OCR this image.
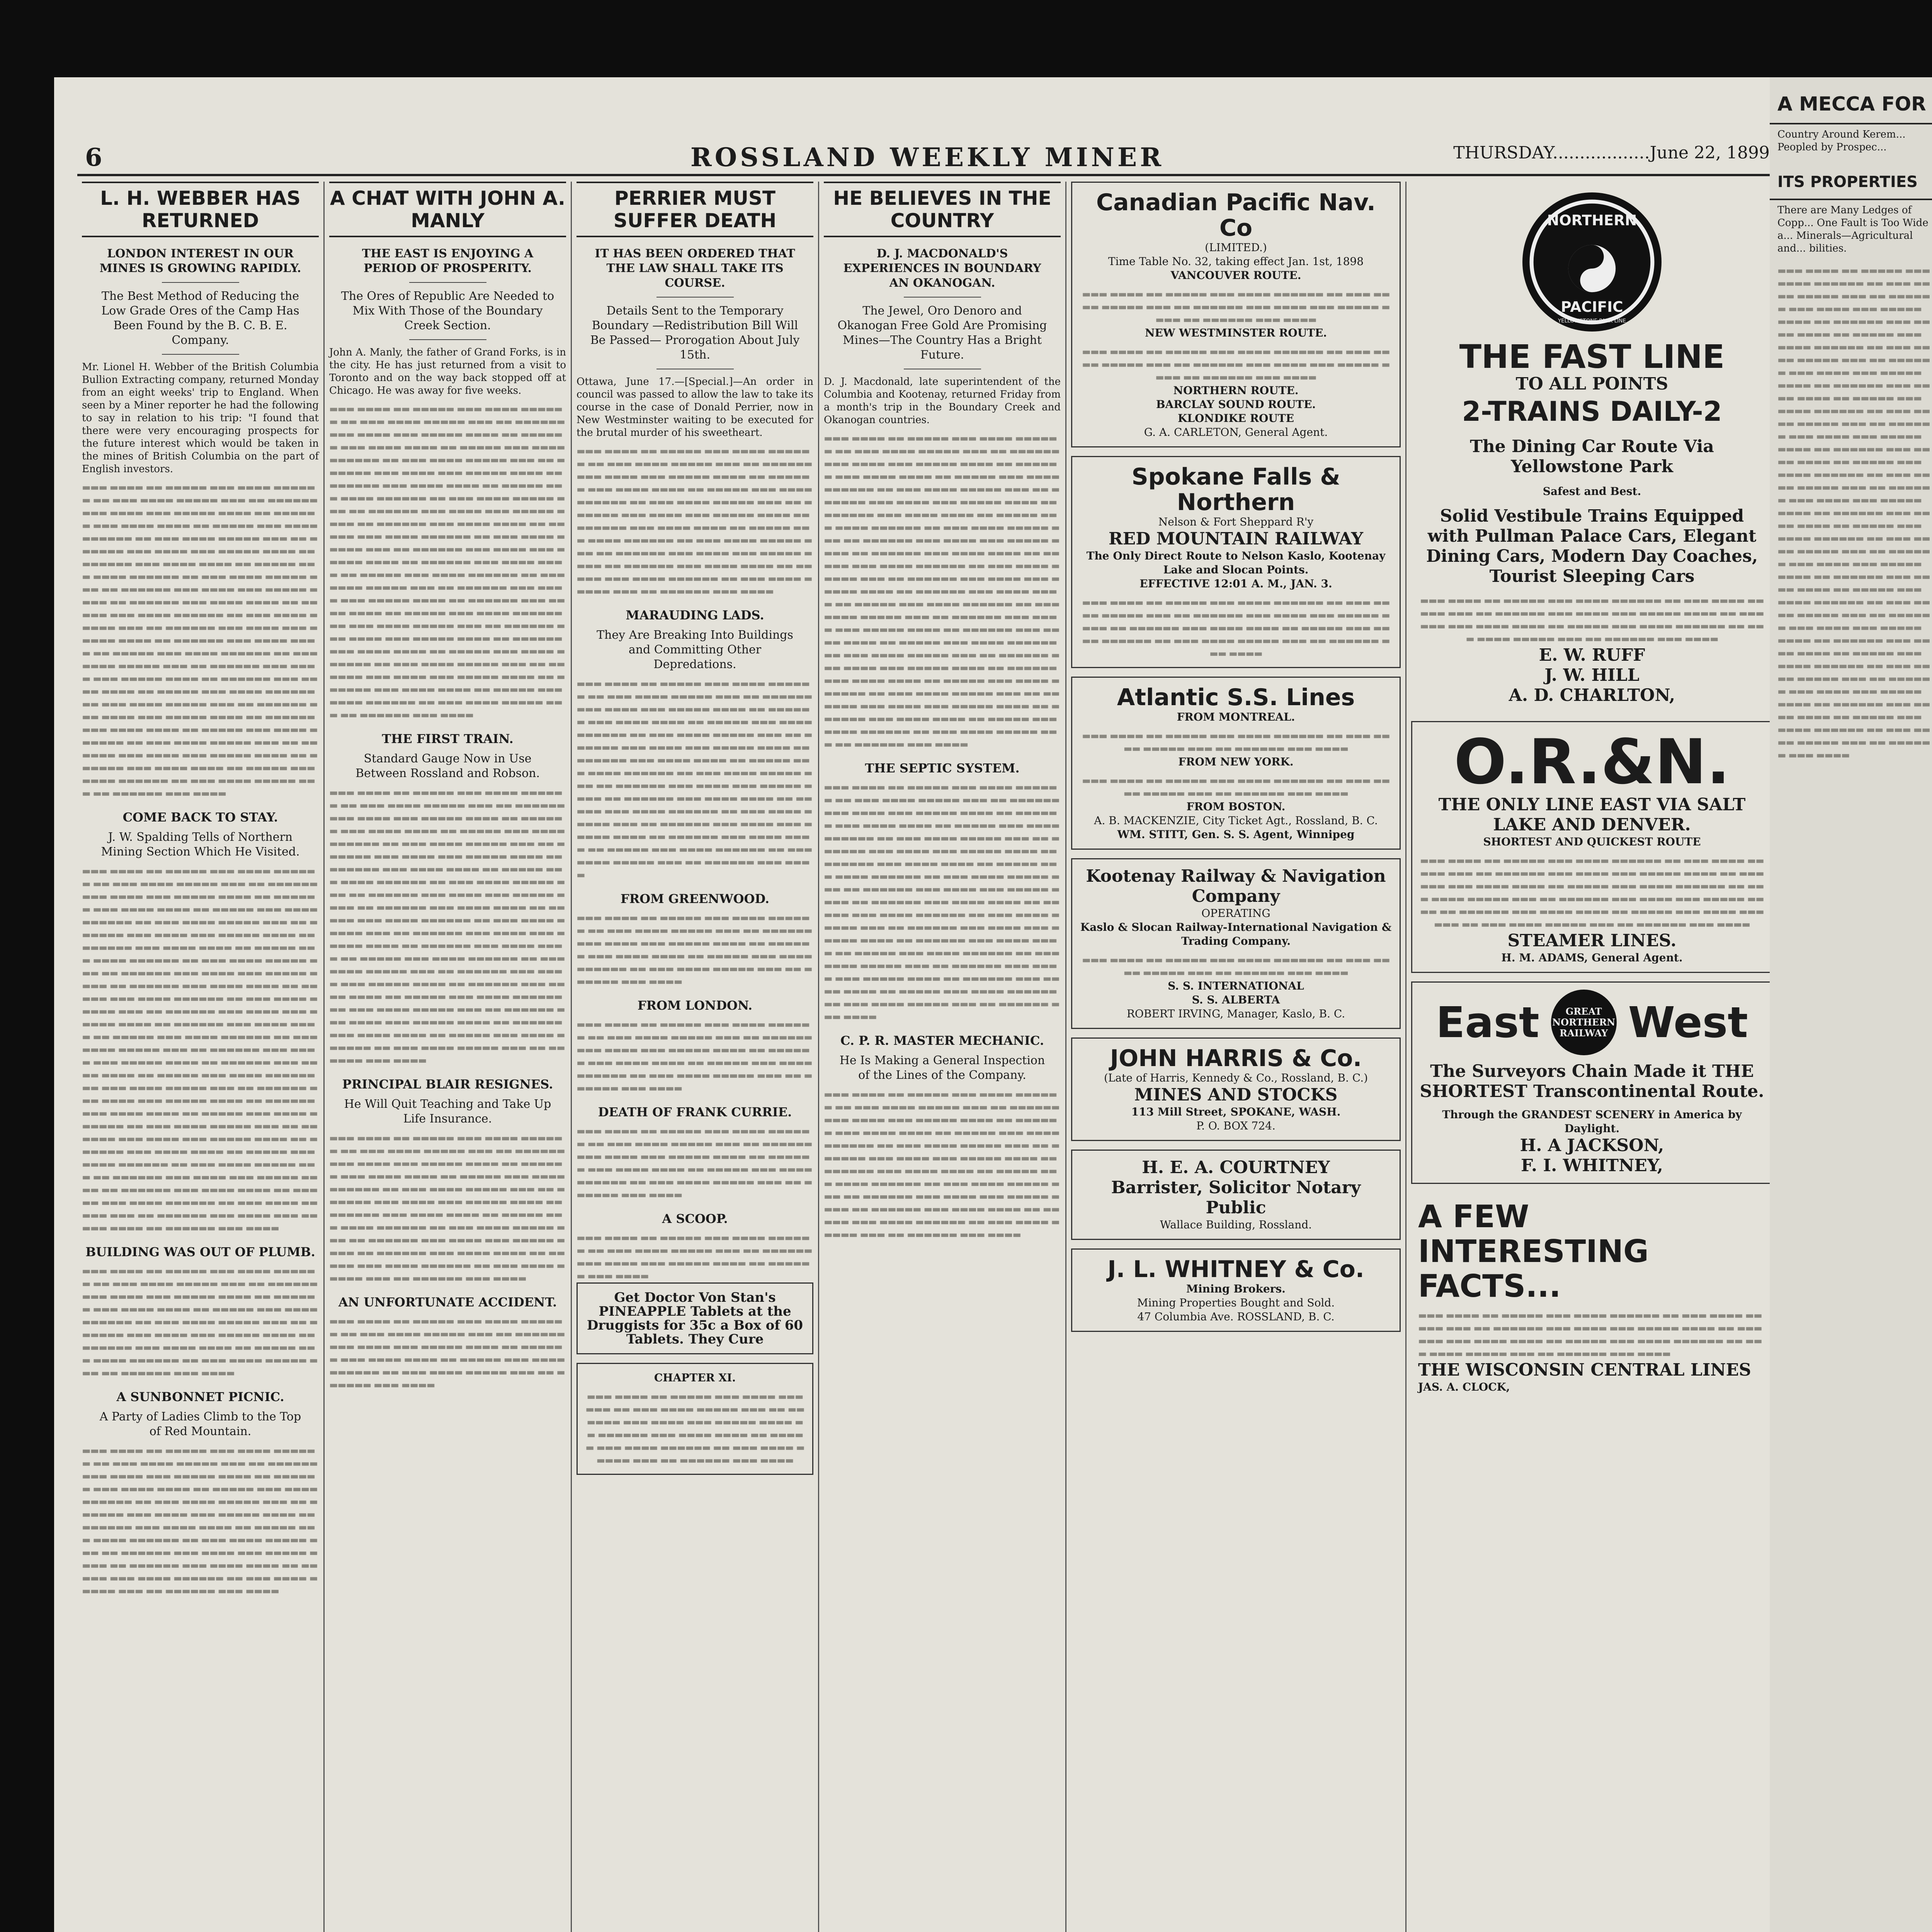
6	ROSSLAND WEEKLY MINER	THURSDAY..................June 22, 1899
L. H. WEBBER HAS RETURNED
LONDON INTEREST IN OUR MINES IS GROWING RAPIDLY.
The Best Method of Reducing the Low Grade Ores of the Camp Has Been Found by the B. C. B. E. Company.

Mr. Lionel H. Webber of the British Columbia Bullion Extracting company, returned Monday from an eight weeks' trip to England. When seen by a Miner reporter he had the following to say in relation to his trip: "I found that there were very encouraging prospects for the future interest which would be taken in the mines of British Columbia on the part of English investors.

▬▬▬ ▬▬▬▬ ▬▬ ▬▬▬▬▬ ▬▬▬ ▬▬▬▬ ▬▬▬▬▬▬ ▬▬ ▬▬▬ ▬▬▬▬ ▬▬▬▬▬ ▬▬▬ ▬▬ ▬▬▬▬▬▬ ▬▬▬ ▬▬▬▬ ▬▬▬ ▬▬▬▬▬ ▬▬▬▬ ▬▬ ▬▬▬▬▬▬ ▬▬▬ ▬▬▬▬ ▬▬▬▬ ▬▬ ▬▬▬▬▬ ▬▬▬ ▬▬▬▬ ▬▬▬▬▬▬ ▬▬ ▬▬▬ ▬▬▬▬ ▬▬▬▬▬ ▬▬▬ ▬▬ ▬▬▬▬▬▬ ▬▬▬ ▬▬▬▬ ▬▬▬ ▬▬▬▬▬ ▬▬▬▬ ▬▬ ▬▬▬▬▬▬ ▬▬▬ ▬▬▬▬ ▬▬▬▬ ▬▬ ▬▬▬▬▬ ▬▬▬ ▬▬▬▬ ▬▬▬▬▬▬ ▬▬ ▬▬▬ ▬▬▬▬ ▬▬▬▬▬ ▬▬▬ ▬▬ ▬▬▬▬▬▬ ▬▬▬ ▬▬▬▬ ▬▬▬ ▬▬▬▬▬ ▬▬▬▬ ▬▬ ▬▬▬▬▬▬ ▬▬▬ ▬▬▬▬ ▬▬▬▬ ▬▬ ▬▬▬▬▬ ▬▬▬ ▬▬▬▬ ▬▬▬▬▬▬ ▬▬ ▬▬▬ ▬▬▬▬ ▬▬▬▬▬ ▬▬▬ ▬▬ ▬▬▬▬▬▬ ▬▬▬ ▬▬▬▬ ▬▬▬ ▬▬▬▬▬ ▬▬▬▬ ▬▬ ▬▬▬▬▬▬ ▬▬▬ ▬▬▬▬ ▬▬▬▬ ▬▬ ▬▬▬▬▬ ▬▬▬ ▬▬▬▬ ▬▬▬▬▬▬ ▬▬ ▬▬▬ ▬▬▬▬ ▬▬▬▬▬ ▬▬▬ ▬▬ ▬▬▬▬▬▬ ▬▬▬ ▬▬▬▬ ▬▬▬ ▬▬▬▬▬ ▬▬▬▬ ▬▬ ▬▬▬▬▬▬ ▬▬▬ ▬▬▬▬ ▬▬▬▬ ▬▬ ▬▬▬▬▬ ▬▬▬ ▬▬▬▬ ▬▬▬▬▬▬ ▬▬ ▬▬▬ ▬▬▬▬ ▬▬▬▬▬ ▬▬▬ ▬▬ ▬▬▬▬▬▬ ▬▬▬ ▬▬▬▬ ▬▬▬ ▬▬▬▬▬ ▬▬▬▬ ▬▬ ▬▬▬▬▬▬ ▬▬▬ ▬▬▬▬ ▬▬▬▬ ▬▬ ▬▬▬▬▬ ▬▬▬ ▬▬▬▬ ▬▬▬▬▬▬ ▬▬ ▬▬▬ ▬▬▬▬ ▬▬▬▬▬ ▬▬▬ ▬▬ ▬▬▬▬▬▬ ▬▬▬ ▬▬▬▬ ▬▬▬ ▬▬▬▬▬ ▬▬▬▬ ▬▬ ▬▬▬▬▬▬ ▬▬▬ ▬▬▬▬ ▬▬▬▬ ▬▬ ▬▬▬▬▬ ▬▬▬ ▬▬▬▬ ▬▬▬▬▬▬ ▬▬ ▬▬▬ ▬▬▬▬ ▬▬▬▬▬ ▬▬▬ ▬▬ ▬▬▬▬▬▬ ▬▬▬ ▬▬▬▬
COME BACK TO STAY.
J. W. Spalding Tells of Northern Mining Section Which He Visited.
▬▬▬ ▬▬▬▬ ▬▬ ▬▬▬▬▬ ▬▬▬ ▬▬▬▬ ▬▬▬▬▬▬ ▬▬ ▬▬▬ ▬▬▬▬ ▬▬▬▬▬ ▬▬▬ ▬▬ ▬▬▬▬▬▬ ▬▬▬ ▬▬▬▬ ▬▬▬ ▬▬▬▬▬ ▬▬▬▬ ▬▬ ▬▬▬▬▬▬ ▬▬▬ ▬▬▬▬ ▬▬▬▬ ▬▬ ▬▬▬▬▬ ▬▬▬ ▬▬▬▬ ▬▬▬▬▬▬ ▬▬ ▬▬▬ ▬▬▬▬ ▬▬▬▬▬ ▬▬▬ ▬▬ ▬▬▬▬▬▬ ▬▬▬ ▬▬▬▬ ▬▬▬ ▬▬▬▬▬ ▬▬▬▬ ▬▬ ▬▬▬▬▬▬ ▬▬▬ ▬▬▬▬ ▬▬▬▬ ▬▬ ▬▬▬▬▬ ▬▬▬ ▬▬▬▬ ▬▬▬▬▬▬ ▬▬ ▬▬▬ ▬▬▬▬ ▬▬▬▬▬ ▬▬▬ ▬▬ ▬▬▬▬▬▬ ▬▬▬ ▬▬▬▬ ▬▬▬ ▬▬▬▬▬ ▬▬▬▬ ▬▬ ▬▬▬▬▬▬ ▬▬▬ ▬▬▬▬ ▬▬▬▬ ▬▬ ▬▬▬▬▬ ▬▬▬ ▬▬▬▬ ▬▬▬▬▬▬ ▬▬ ▬▬▬ ▬▬▬▬ ▬▬▬▬▬ ▬▬▬ ▬▬ ▬▬▬▬▬▬ ▬▬▬ ▬▬▬▬ ▬▬▬ ▬▬▬▬▬ ▬▬▬▬ ▬▬ ▬▬▬▬▬▬ ▬▬▬ ▬▬▬▬ ▬▬▬▬ ▬▬ ▬▬▬▬▬ ▬▬▬ ▬▬▬▬ ▬▬▬▬▬▬ ▬▬ ▬▬▬ ▬▬▬▬ ▬▬▬▬▬ ▬▬▬ ▬▬ ▬▬▬▬▬▬ ▬▬▬ ▬▬▬▬ ▬▬▬ ▬▬▬▬▬ ▬▬▬▬ ▬▬ ▬▬▬▬▬▬ ▬▬▬ ▬▬▬▬ ▬▬▬▬ ▬▬ ▬▬▬▬▬ ▬▬▬ ▬▬▬▬ ▬▬▬▬▬▬ ▬▬ ▬▬▬ ▬▬▬▬ ▬▬▬▬▬ ▬▬▬ ▬▬ ▬▬▬▬▬▬ ▬▬▬ ▬▬▬▬ ▬▬▬ ▬▬▬▬▬ ▬▬▬▬ ▬▬ ▬▬▬▬▬▬ ▬▬▬ ▬▬▬▬ ▬▬▬▬ ▬▬ ▬▬▬▬▬ ▬▬▬ ▬▬▬▬ ▬▬▬▬▬▬ ▬▬ ▬▬▬ ▬▬▬▬ ▬▬▬▬▬ ▬▬▬ ▬▬ ▬▬▬▬▬▬ ▬▬▬ ▬▬▬▬ ▬▬▬ ▬▬▬▬▬ ▬▬▬▬ ▬▬ ▬▬▬▬▬▬ ▬▬▬ ▬▬▬▬ ▬▬▬▬ ▬▬ ▬▬▬▬▬ ▬▬▬ ▬▬▬▬ ▬▬▬▬▬▬ ▬▬ ▬▬▬ ▬▬▬▬ ▬▬▬▬▬ ▬▬▬ ▬▬ ▬▬▬▬▬▬ ▬▬▬ ▬▬▬▬ ▬▬▬ ▬▬▬▬▬ ▬▬▬▬ ▬▬ ▬▬▬▬▬▬ ▬▬▬ ▬▬▬▬ ▬▬▬▬ ▬▬ ▬▬▬▬▬ ▬▬▬ ▬▬▬▬ ▬▬▬▬▬▬ ▬▬ ▬▬▬ ▬▬▬▬ ▬▬▬▬▬ ▬▬▬ ▬▬ ▬▬▬▬▬▬ ▬▬▬ ▬▬▬▬ ▬▬▬ ▬▬▬▬▬ ▬▬▬▬ ▬▬ ▬▬▬▬▬▬ ▬▬▬ ▬▬▬▬
BUILDING WAS OUT OF PLUMB.
▬▬▬ ▬▬▬▬ ▬▬ ▬▬▬▬▬ ▬▬▬ ▬▬▬▬ ▬▬▬▬▬▬ ▬▬ ▬▬▬ ▬▬▬▬ ▬▬▬▬▬ ▬▬▬ ▬▬ ▬▬▬▬▬▬ ▬▬▬ ▬▬▬▬ ▬▬▬ ▬▬▬▬▬ ▬▬▬▬ ▬▬ ▬▬▬▬▬▬ ▬▬▬ ▬▬▬▬ ▬▬▬▬ ▬▬ ▬▬▬▬▬ ▬▬▬ ▬▬▬▬ ▬▬▬▬▬▬ ▬▬ ▬▬▬ ▬▬▬▬ ▬▬▬▬▬ ▬▬▬ ▬▬ ▬▬▬▬▬▬ ▬▬▬ ▬▬▬▬ ▬▬▬ ▬▬▬▬▬ ▬▬▬▬ ▬▬ ▬▬▬▬▬▬ ▬▬▬ ▬▬▬▬ ▬▬▬▬ ▬▬ ▬▬▬▬▬ ▬▬▬ ▬▬▬▬ ▬▬▬▬▬▬ ▬▬ ▬▬▬ ▬▬▬▬ ▬▬▬▬▬ ▬▬▬ ▬▬ ▬▬▬▬▬▬ ▬▬▬ ▬▬▬▬
A SUNBONNET PICNIC.
A Party of Ladies Climb to the Top of Red Mountain.
▬▬▬ ▬▬▬▬ ▬▬ ▬▬▬▬▬ ▬▬▬ ▬▬▬▬ ▬▬▬▬▬▬ ▬▬ ▬▬▬ ▬▬▬▬ ▬▬▬▬▬ ▬▬▬ ▬▬ ▬▬▬▬▬▬ ▬▬▬ ▬▬▬▬ ▬▬▬ ▬▬▬▬▬ ▬▬▬▬ ▬▬ ▬▬▬▬▬▬ ▬▬▬ ▬▬▬▬ ▬▬▬▬ ▬▬ ▬▬▬▬▬ ▬▬▬ ▬▬▬▬ ▬▬▬▬▬▬ ▬▬ ▬▬▬ ▬▬▬▬ ▬▬▬▬▬ ▬▬▬ ▬▬ ▬▬▬▬▬▬ ▬▬▬ ▬▬▬▬ ▬▬▬ ▬▬▬▬▬ ▬▬▬▬ ▬▬ ▬▬▬▬▬▬ ▬▬▬ ▬▬▬▬ ▬▬▬▬ ▬▬ ▬▬▬▬▬ ▬▬▬ ▬▬▬▬ ▬▬▬▬▬▬ ▬▬ ▬▬▬ ▬▬▬▬ ▬▬▬▬▬ ▬▬▬ ▬▬ ▬▬▬▬▬▬ ▬▬▬ ▬▬▬▬ ▬▬▬ ▬▬▬▬▬ ▬▬▬▬ ▬▬ ▬▬▬▬▬▬ ▬▬▬ ▬▬▬▬ ▬▬▬▬ ▬▬ ▬▬▬▬▬ ▬▬▬ ▬▬▬▬ ▬▬▬▬▬▬ ▬▬ ▬▬▬ ▬▬▬▬ ▬▬▬▬▬ ▬▬▬ ▬▬ ▬▬▬▬▬▬ ▬▬▬ ▬▬▬▬
A CHAT WITH JOHN A. MANLY
THE EAST IS ENJOYING A PERIOD OF PROSPERITY.
The Ores of Republic Are Needed to Mix With Those of the Boundary Creek Section.

John A. Manly, the father of Grand Forks, is in the city. He has just returned from a visit to Toronto and on the way back stopped off at Chicago. He was away for five weeks.

▬▬▬ ▬▬▬▬ ▬▬ ▬▬▬▬▬ ▬▬▬ ▬▬▬▬ ▬▬▬▬▬▬ ▬▬ ▬▬▬ ▬▬▬▬ ▬▬▬▬▬ ▬▬▬ ▬▬ ▬▬▬▬▬▬ ▬▬▬ ▬▬▬▬ ▬▬▬ ▬▬▬▬▬ ▬▬▬▬ ▬▬ ▬▬▬▬▬▬ ▬▬▬ ▬▬▬▬ ▬▬▬▬ ▬▬ ▬▬▬▬▬ ▬▬▬ ▬▬▬▬ ▬▬▬▬▬▬ ▬▬ ▬▬▬ ▬▬▬▬ ▬▬▬▬▬ ▬▬▬ ▬▬ ▬▬▬▬▬▬ ▬▬▬ ▬▬▬▬ ▬▬▬ ▬▬▬▬▬ ▬▬▬▬ ▬▬ ▬▬▬▬▬▬ ▬▬▬ ▬▬▬▬ ▬▬▬▬ ▬▬ ▬▬▬▬▬ ▬▬▬ ▬▬▬▬ ▬▬▬▬▬▬ ▬▬ ▬▬▬ ▬▬▬▬ ▬▬▬▬▬ ▬▬▬ ▬▬ ▬▬▬▬▬▬ ▬▬▬ ▬▬▬▬ ▬▬▬ ▬▬▬▬▬ ▬▬▬▬ ▬▬ ▬▬▬▬▬▬ ▬▬▬ ▬▬▬▬ ▬▬▬▬ ▬▬ ▬▬▬▬▬ ▬▬▬ ▬▬▬▬ ▬▬▬▬▬▬ ▬▬ ▬▬▬ ▬▬▬▬ ▬▬▬▬▬ ▬▬▬ ▬▬ ▬▬▬▬▬▬ ▬▬▬ ▬▬▬▬ ▬▬▬ ▬▬▬▬▬ ▬▬▬▬ ▬▬ ▬▬▬▬▬▬ ▬▬▬ ▬▬▬▬ ▬▬▬▬ ▬▬ ▬▬▬▬▬ ▬▬▬ ▬▬▬▬ ▬▬▬▬▬▬ ▬▬ ▬▬▬ ▬▬▬▬ ▬▬▬▬▬ ▬▬▬ ▬▬ ▬▬▬▬▬▬ ▬▬▬ ▬▬▬▬ ▬▬▬ ▬▬▬▬▬ ▬▬▬▬ ▬▬ ▬▬▬▬▬▬ ▬▬▬ ▬▬▬▬ ▬▬▬▬ ▬▬ ▬▬▬▬▬ ▬▬▬ ▬▬▬▬ ▬▬▬▬▬▬ ▬▬ ▬▬▬ ▬▬▬▬ ▬▬▬▬▬ ▬▬▬ ▬▬ ▬▬▬▬▬▬ ▬▬▬ ▬▬▬▬ ▬▬▬ ▬▬▬▬▬ ▬▬▬▬ ▬▬ ▬▬▬▬▬▬ ▬▬▬ ▬▬▬▬ ▬▬▬▬ ▬▬ ▬▬▬▬▬ ▬▬▬ ▬▬▬▬ ▬▬▬▬▬▬ ▬▬ ▬▬▬ ▬▬▬▬ ▬▬▬▬▬ ▬▬▬ ▬▬ ▬▬▬▬▬▬ ▬▬▬ ▬▬▬▬ ▬▬▬ ▬▬▬▬▬ ▬▬▬▬ ▬▬ ▬▬▬▬▬▬ ▬▬▬ ▬▬▬▬ ▬▬▬▬ ▬▬ ▬▬▬▬▬ ▬▬▬ ▬▬▬▬ ▬▬▬▬▬▬ ▬▬ ▬▬▬ ▬▬▬▬ ▬▬▬▬▬ ▬▬▬ ▬▬ ▬▬▬▬▬▬ ▬▬▬ ▬▬▬▬
THE FIRST TRAIN.
Standard Gauge Now in Use Between Rossland and Robson.
▬▬▬ ▬▬▬▬ ▬▬ ▬▬▬▬▬ ▬▬▬ ▬▬▬▬ ▬▬▬▬▬▬ ▬▬ ▬▬▬ ▬▬▬▬ ▬▬▬▬▬ ▬▬▬ ▬▬ ▬▬▬▬▬▬ ▬▬▬ ▬▬▬▬ ▬▬▬ ▬▬▬▬▬ ▬▬▬▬ ▬▬ ▬▬▬▬▬▬ ▬▬▬ ▬▬▬▬ ▬▬▬▬ ▬▬ ▬▬▬▬▬ ▬▬▬ ▬▬▬▬ ▬▬▬▬▬▬ ▬▬ ▬▬▬ ▬▬▬▬ ▬▬▬▬▬ ▬▬▬ ▬▬ ▬▬▬▬▬▬ ▬▬▬ ▬▬▬▬ ▬▬▬ ▬▬▬▬▬ ▬▬▬▬ ▬▬ ▬▬▬▬▬▬ ▬▬▬ ▬▬▬▬ ▬▬▬▬ ▬▬ ▬▬▬▬▬ ▬▬▬ ▬▬▬▬ ▬▬▬▬▬▬ ▬▬ ▬▬▬ ▬▬▬▬ ▬▬▬▬▬ ▬▬▬ ▬▬ ▬▬▬▬▬▬ ▬▬▬ ▬▬▬▬ ▬▬▬ ▬▬▬▬▬ ▬▬▬▬ ▬▬ ▬▬▬▬▬▬ ▬▬▬ ▬▬▬▬ ▬▬▬▬ ▬▬ ▬▬▬▬▬ ▬▬▬ ▬▬▬▬ ▬▬▬▬▬▬ ▬▬ ▬▬▬ ▬▬▬▬ ▬▬▬▬▬ ▬▬▬ ▬▬ ▬▬▬▬▬▬ ▬▬▬ ▬▬▬▬ ▬▬▬ ▬▬▬▬▬ ▬▬▬▬ ▬▬ ▬▬▬▬▬▬ ▬▬▬ ▬▬▬▬ ▬▬▬▬ ▬▬ ▬▬▬▬▬ ▬▬▬ ▬▬▬▬ ▬▬▬▬▬▬ ▬▬ ▬▬▬ ▬▬▬▬ ▬▬▬▬▬ ▬▬▬ ▬▬ ▬▬▬▬▬▬ ▬▬▬ ▬▬▬▬ ▬▬▬ ▬▬▬▬▬ ▬▬▬▬ ▬▬ ▬▬▬▬▬▬ ▬▬▬ ▬▬▬▬ ▬▬▬▬ ▬▬ ▬▬▬▬▬ ▬▬▬ ▬▬▬▬ ▬▬▬▬▬▬ ▬▬ ▬▬▬ ▬▬▬▬ ▬▬▬▬▬ ▬▬▬ ▬▬ ▬▬▬▬▬▬ ▬▬▬ ▬▬▬▬ ▬▬▬ ▬▬▬▬▬ ▬▬▬▬ ▬▬ ▬▬▬▬▬▬ ▬▬▬ ▬▬▬▬ ▬▬▬▬ ▬▬ ▬▬▬▬▬ ▬▬▬ ▬▬▬▬ ▬▬▬▬▬▬ ▬▬ ▬▬▬ ▬▬▬▬ ▬▬▬▬▬ ▬▬▬ ▬▬ ▬▬▬▬▬▬ ▬▬▬ ▬▬▬▬
PRINCIPAL BLAIR RESIGNES.
He Will Quit Teaching and Take Up Life Insurance.
▬▬▬ ▬▬▬▬ ▬▬ ▬▬▬▬▬ ▬▬▬ ▬▬▬▬ ▬▬▬▬▬▬ ▬▬ ▬▬▬ ▬▬▬▬ ▬▬▬▬▬ ▬▬▬ ▬▬ ▬▬▬▬▬▬ ▬▬▬ ▬▬▬▬ ▬▬▬ ▬▬▬▬▬ ▬▬▬▬ ▬▬ ▬▬▬▬▬▬ ▬▬▬ ▬▬▬▬ ▬▬▬▬ ▬▬ ▬▬▬▬▬ ▬▬▬ ▬▬▬▬ ▬▬▬▬▬▬ ▬▬ ▬▬▬ ▬▬▬▬ ▬▬▬▬▬ ▬▬▬ ▬▬ ▬▬▬▬▬▬ ▬▬▬ ▬▬▬▬ ▬▬▬ ▬▬▬▬▬ ▬▬▬▬ ▬▬ ▬▬▬▬▬▬ ▬▬▬ ▬▬▬▬ ▬▬▬▬ ▬▬ ▬▬▬▬▬ ▬▬▬ ▬▬▬▬ ▬▬▬▬▬▬ ▬▬ ▬▬▬ ▬▬▬▬ ▬▬▬▬▬ ▬▬▬ ▬▬ ▬▬▬▬▬▬ ▬▬▬ ▬▬▬▬ ▬▬▬ ▬▬▬▬▬ ▬▬▬▬ ▬▬ ▬▬▬▬▬▬ ▬▬▬ ▬▬▬▬ ▬▬▬▬ ▬▬ ▬▬▬▬▬ ▬▬▬ ▬▬▬▬ ▬▬▬▬▬▬ ▬▬ ▬▬▬ ▬▬▬▬ ▬▬▬▬▬ ▬▬▬ ▬▬ ▬▬▬▬▬▬ ▬▬▬ ▬▬▬▬
AN UNFORTUNATE ACCIDENT.
▬▬▬ ▬▬▬▬ ▬▬ ▬▬▬▬▬ ▬▬▬ ▬▬▬▬ ▬▬▬▬▬▬ ▬▬ ▬▬▬ ▬▬▬▬ ▬▬▬▬▬ ▬▬▬ ▬▬ ▬▬▬▬▬▬ ▬▬▬ ▬▬▬▬ ▬▬▬ ▬▬▬▬▬ ▬▬▬▬ ▬▬ ▬▬▬▬▬▬ ▬▬▬ ▬▬▬▬ ▬▬▬▬ ▬▬ ▬▬▬▬▬ ▬▬▬ ▬▬▬▬ ▬▬▬▬▬▬ ▬▬ ▬▬▬ ▬▬▬▬ ▬▬▬▬▬ ▬▬▬ ▬▬ ▬▬▬▬▬▬ ▬▬▬ ▬▬▬▬
PERRIER MUST SUFFER DEATH
IT HAS BEEN ORDERED THAT THE LAW SHALL TAKE ITS COURSE.
Details Sent to the Temporary Boundary —Redistribution Bill Will Be Passed— Prorogation About July 15th.

Ottawa, June 17.—[Special.]—An order in council was passed to allow the law to take its course in the case of Donald Perrier, now in New Westminster waiting to be executed for the brutal murder of his sweetheart.

▬▬▬ ▬▬▬▬ ▬▬ ▬▬▬▬▬ ▬▬▬ ▬▬▬▬ ▬▬▬▬▬▬ ▬▬ ▬▬▬ ▬▬▬▬ ▬▬▬▬▬ ▬▬▬ ▬▬ ▬▬▬▬▬▬ ▬▬▬ ▬▬▬▬ ▬▬▬ ▬▬▬▬▬ ▬▬▬▬ ▬▬ ▬▬▬▬▬▬ ▬▬▬ ▬▬▬▬ ▬▬▬▬ ▬▬ ▬▬▬▬▬ ▬▬▬ ▬▬▬▬ ▬▬▬▬▬▬ ▬▬ ▬▬▬ ▬▬▬▬ ▬▬▬▬▬ ▬▬▬ ▬▬ ▬▬▬▬▬▬ ▬▬▬ ▬▬▬▬ ▬▬▬ ▬▬▬▬▬ ▬▬▬▬ ▬▬ ▬▬▬▬▬▬ ▬▬▬ ▬▬▬▬ ▬▬▬▬ ▬▬ ▬▬▬▬▬ ▬▬▬ ▬▬▬▬ ▬▬▬▬▬▬ ▬▬ ▬▬▬ ▬▬▬▬ ▬▬▬▬▬ ▬▬▬ ▬▬ ▬▬▬▬▬▬ ▬▬▬ ▬▬▬▬ ▬▬▬ ▬▬▬▬▬ ▬▬▬▬ ▬▬ ▬▬▬▬▬▬ ▬▬▬ ▬▬▬▬ ▬▬▬▬ ▬▬ ▬▬▬▬▬ ▬▬▬ ▬▬▬▬ ▬▬▬▬▬▬ ▬▬ ▬▬▬ ▬▬▬▬ ▬▬▬▬▬ ▬▬▬ ▬▬ ▬▬▬▬▬▬ ▬▬▬ ▬▬▬▬
MARAUDING LADS.
They Are Breaking Into Buildings and Committing Other Depredations.
▬▬▬ ▬▬▬▬ ▬▬ ▬▬▬▬▬ ▬▬▬ ▬▬▬▬ ▬▬▬▬▬▬ ▬▬ ▬▬▬ ▬▬▬▬ ▬▬▬▬▬ ▬▬▬ ▬▬ ▬▬▬▬▬▬ ▬▬▬ ▬▬▬▬ ▬▬▬ ▬▬▬▬▬ ▬▬▬▬ ▬▬ ▬▬▬▬▬▬ ▬▬▬ ▬▬▬▬ ▬▬▬▬ ▬▬ ▬▬▬▬▬ ▬▬▬ ▬▬▬▬ ▬▬▬▬▬▬ ▬▬ ▬▬▬ ▬▬▬▬ ▬▬▬▬▬ ▬▬▬ ▬▬ ▬▬▬▬▬▬ ▬▬▬ ▬▬▬▬ ▬▬▬ ▬▬▬▬▬ ▬▬▬▬ ▬▬ ▬▬▬▬▬▬ ▬▬▬ ▬▬▬▬ ▬▬▬▬ ▬▬ ▬▬▬▬▬ ▬▬▬ ▬▬▬▬ ▬▬▬▬▬▬ ▬▬ ▬▬▬ ▬▬▬▬ ▬▬▬▬▬ ▬▬▬ ▬▬ ▬▬▬▬▬▬ ▬▬▬ ▬▬▬▬ ▬▬▬ ▬▬▬▬▬ ▬▬▬▬ ▬▬ ▬▬▬▬▬▬ ▬▬▬ ▬▬▬▬ ▬▬▬▬ ▬▬ ▬▬▬▬▬ ▬▬▬ ▬▬▬▬ ▬▬▬▬▬▬ ▬▬ ▬▬▬ ▬▬▬▬ ▬▬▬▬▬ ▬▬▬ ▬▬ ▬▬▬▬▬▬ ▬▬▬ ▬▬▬▬ ▬▬▬ ▬▬▬▬▬ ▬▬▬▬ ▬▬ ▬▬▬▬▬▬ ▬▬▬ ▬▬▬▬ ▬▬▬▬ ▬▬ ▬▬▬▬▬ ▬▬▬ ▬▬▬▬ ▬▬▬▬▬▬ ▬▬ ▬▬▬ ▬▬▬▬ ▬▬▬▬▬ ▬▬▬ ▬▬ ▬▬▬▬▬▬ ▬▬▬ ▬▬▬▬
FROM GREENWOOD.
▬▬▬ ▬▬▬▬ ▬▬ ▬▬▬▬▬ ▬▬▬ ▬▬▬▬ ▬▬▬▬▬▬ ▬▬ ▬▬▬ ▬▬▬▬ ▬▬▬▬▬ ▬▬▬ ▬▬ ▬▬▬▬▬▬ ▬▬▬ ▬▬▬▬ ▬▬▬ ▬▬▬▬▬ ▬▬▬▬ ▬▬ ▬▬▬▬▬▬ ▬▬▬ ▬▬▬▬ ▬▬▬▬ ▬▬ ▬▬▬▬▬ ▬▬▬ ▬▬▬▬ ▬▬▬▬▬▬ ▬▬ ▬▬▬ ▬▬▬▬ ▬▬▬▬▬ ▬▬▬ ▬▬ ▬▬▬▬▬▬ ▬▬▬ ▬▬▬▬
FROM LONDON.
▬▬▬ ▬▬▬▬ ▬▬ ▬▬▬▬▬ ▬▬▬ ▬▬▬▬ ▬▬▬▬▬▬ ▬▬ ▬▬▬ ▬▬▬▬ ▬▬▬▬▬ ▬▬▬ ▬▬ ▬▬▬▬▬▬ ▬▬▬ ▬▬▬▬ ▬▬▬ ▬▬▬▬▬ ▬▬▬▬ ▬▬ ▬▬▬▬▬▬ ▬▬▬ ▬▬▬▬ ▬▬▬▬ ▬▬ ▬▬▬▬▬ ▬▬▬ ▬▬▬▬ ▬▬▬▬▬▬ ▬▬ ▬▬▬ ▬▬▬▬ ▬▬▬▬▬ ▬▬▬ ▬▬ ▬▬▬▬▬▬ ▬▬▬ ▬▬▬▬
DEATH OF FRANK CURRIE.
▬▬▬ ▬▬▬▬ ▬▬ ▬▬▬▬▬ ▬▬▬ ▬▬▬▬ ▬▬▬▬▬▬ ▬▬ ▬▬▬ ▬▬▬▬ ▬▬▬▬▬ ▬▬▬ ▬▬ ▬▬▬▬▬▬ ▬▬▬ ▬▬▬▬ ▬▬▬ ▬▬▬▬▬ ▬▬▬▬ ▬▬ ▬▬▬▬▬▬ ▬▬▬ ▬▬▬▬ ▬▬▬▬ ▬▬ ▬▬▬▬▬ ▬▬▬ ▬▬▬▬ ▬▬▬▬▬▬ ▬▬ ▬▬▬ ▬▬▬▬ ▬▬▬▬▬ ▬▬▬ ▬▬ ▬▬▬▬▬▬ ▬▬▬ ▬▬▬▬
A SCOOP.
▬▬▬ ▬▬▬▬ ▬▬ ▬▬▬▬▬ ▬▬▬ ▬▬▬▬ ▬▬▬▬▬▬ ▬▬ ▬▬▬ ▬▬▬▬ ▬▬▬▬▬ ▬▬▬ ▬▬ ▬▬▬▬▬▬ ▬▬▬ ▬▬▬▬ ▬▬▬ ▬▬▬▬▬ ▬▬▬▬ ▬▬ ▬▬▬▬▬▬ ▬▬▬ ▬▬▬▬
Get Doctor Von Stan's PINEAPPLE Tablets at the Druggists for 35c a Box of 60 Tablets. They Cure
CHAPTER XI.
▬▬▬ ▬▬▬▬ ▬▬ ▬▬▬▬▬ ▬▬▬ ▬▬▬▬ ▬▬▬▬▬▬ ▬▬ ▬▬▬ ▬▬▬▬ ▬▬▬▬▬ ▬▬▬ ▬▬ ▬▬▬▬▬▬ ▬▬▬ ▬▬▬▬ ▬▬▬ ▬▬▬▬▬ ▬▬▬▬ ▬▬ ▬▬▬▬▬▬ ▬▬▬ ▬▬▬▬ ▬▬▬▬ ▬▬ ▬▬▬▬▬ ▬▬▬ ▬▬▬▬ ▬▬▬▬▬▬ ▬▬ ▬▬▬ ▬▬▬▬ ▬▬▬▬▬ ▬▬▬ ▬▬ ▬▬▬▬▬▬ ▬▬▬ ▬▬▬▬
HE BELIEVES IN THE COUNTRY
D. J. MACDONALD'S EXPERIENCES IN BOUNDARY AN OKANOGAN.
The Jewel, Oro Denoro and Okanogan Free Gold Are Promising Mines—The Country Has a Bright Future.

D. J. Macdonald, late superintendent of the Columbia and Kootenay, returned Friday from a month's trip in the Boundary Creek and Okanogan countries.

▬▬▬ ▬▬▬▬ ▬▬ ▬▬▬▬▬ ▬▬▬ ▬▬▬▬ ▬▬▬▬▬▬ ▬▬ ▬▬▬ ▬▬▬▬ ▬▬▬▬▬ ▬▬▬ ▬▬ ▬▬▬▬▬▬ ▬▬▬ ▬▬▬▬ ▬▬▬ ▬▬▬▬▬ ▬▬▬▬ ▬▬ ▬▬▬▬▬▬ ▬▬▬ ▬▬▬▬ ▬▬▬▬ ▬▬ ▬▬▬▬▬ ▬▬▬ ▬▬▬▬ ▬▬▬▬▬▬ ▬▬ ▬▬▬ ▬▬▬▬ ▬▬▬▬▬ ▬▬▬ ▬▬ ▬▬▬▬▬▬ ▬▬▬ ▬▬▬▬ ▬▬▬ ▬▬▬▬▬ ▬▬▬▬ ▬▬ ▬▬▬▬▬▬ ▬▬▬ ▬▬▬▬ ▬▬▬▬ ▬▬ ▬▬▬▬▬ ▬▬▬ ▬▬▬▬ ▬▬▬▬▬▬ ▬▬ ▬▬▬ ▬▬▬▬ ▬▬▬▬▬ ▬▬▬ ▬▬ ▬▬▬▬▬▬ ▬▬▬ ▬▬▬▬ ▬▬▬ ▬▬▬▬▬ ▬▬▬▬ ▬▬ ▬▬▬▬▬▬ ▬▬▬ ▬▬▬▬ ▬▬▬▬ ▬▬ ▬▬▬▬▬ ▬▬▬ ▬▬▬▬ ▬▬▬▬▬▬ ▬▬ ▬▬▬ ▬▬▬▬ ▬▬▬▬▬ ▬▬▬ ▬▬ ▬▬▬▬▬▬ ▬▬▬ ▬▬▬▬ ▬▬▬ ▬▬▬▬▬ ▬▬▬▬ ▬▬ ▬▬▬▬▬▬ ▬▬▬ ▬▬▬▬ ▬▬▬▬ ▬▬ ▬▬▬▬▬ ▬▬▬ ▬▬▬▬ ▬▬▬▬▬▬ ▬▬ ▬▬▬ ▬▬▬▬ ▬▬▬▬▬ ▬▬▬ ▬▬ ▬▬▬▬▬▬ ▬▬▬ ▬▬▬▬ ▬▬▬ ▬▬▬▬▬ ▬▬▬▬ ▬▬ ▬▬▬▬▬▬ ▬▬▬ ▬▬▬▬ ▬▬▬▬ ▬▬ ▬▬▬▬▬ ▬▬▬ ▬▬▬▬ ▬▬▬▬▬▬ ▬▬ ▬▬▬ ▬▬▬▬ ▬▬▬▬▬ ▬▬▬ ▬▬ ▬▬▬▬▬▬ ▬▬▬ ▬▬▬▬ ▬▬▬ ▬▬▬▬▬ ▬▬▬▬ ▬▬ ▬▬▬▬▬▬ ▬▬▬ ▬▬▬▬ ▬▬▬▬ ▬▬ ▬▬▬▬▬ ▬▬▬ ▬▬▬▬ ▬▬▬▬▬▬ ▬▬ ▬▬▬ ▬▬▬▬ ▬▬▬▬▬ ▬▬▬ ▬▬ ▬▬▬▬▬▬ ▬▬▬ ▬▬▬▬ ▬▬▬ ▬▬▬▬▬ ▬▬▬▬ ▬▬ ▬▬▬▬▬▬ ▬▬▬ ▬▬▬▬ ▬▬▬▬ ▬▬ ▬▬▬▬▬ ▬▬▬ ▬▬▬▬ ▬▬▬▬▬▬ ▬▬ ▬▬▬ ▬▬▬▬ ▬▬▬▬▬ ▬▬▬ ▬▬ ▬▬▬▬▬▬ ▬▬▬ ▬▬▬▬
THE SEPTIC SYSTEM.
▬▬▬ ▬▬▬▬ ▬▬ ▬▬▬▬▬ ▬▬▬ ▬▬▬▬ ▬▬▬▬▬▬ ▬▬ ▬▬▬ ▬▬▬▬ ▬▬▬▬▬ ▬▬▬ ▬▬ ▬▬▬▬▬▬ ▬▬▬ ▬▬▬▬ ▬▬▬ ▬▬▬▬▬ ▬▬▬▬ ▬▬ ▬▬▬▬▬▬ ▬▬▬ ▬▬▬▬ ▬▬▬▬ ▬▬ ▬▬▬▬▬ ▬▬▬ ▬▬▬▬ ▬▬▬▬▬▬ ▬▬ ▬▬▬ ▬▬▬▬ ▬▬▬▬▬ ▬▬▬ ▬▬ ▬▬▬▬▬▬ ▬▬▬ ▬▬▬▬ ▬▬▬ ▬▬▬▬▬ ▬▬▬▬ ▬▬ ▬▬▬▬▬▬ ▬▬▬ ▬▬▬▬ ▬▬▬▬ ▬▬ ▬▬▬▬▬ ▬▬▬ ▬▬▬▬ ▬▬▬▬▬▬ ▬▬ ▬▬▬ ▬▬▬▬ ▬▬▬▬▬ ▬▬▬ ▬▬ ▬▬▬▬▬▬ ▬▬▬ ▬▬▬▬ ▬▬▬ ▬▬▬▬▬ ▬▬▬▬ ▬▬ ▬▬▬▬▬▬ ▬▬▬ ▬▬▬▬ ▬▬▬▬ ▬▬ ▬▬▬▬▬ ▬▬▬ ▬▬▬▬ ▬▬▬▬▬▬ ▬▬ ▬▬▬ ▬▬▬▬ ▬▬▬▬▬ ▬▬▬ ▬▬ ▬▬▬▬▬▬ ▬▬▬ ▬▬▬▬ ▬▬▬ ▬▬▬▬▬ ▬▬▬▬ ▬▬ ▬▬▬▬▬▬ ▬▬▬ ▬▬▬▬ ▬▬▬▬ ▬▬ ▬▬▬▬▬ ▬▬▬ ▬▬▬▬ ▬▬▬▬▬▬ ▬▬ ▬▬▬ ▬▬▬▬ ▬▬▬▬▬ ▬▬▬ ▬▬ ▬▬▬▬▬▬ ▬▬▬ ▬▬▬▬ ▬▬▬ ▬▬▬▬▬ ▬▬▬▬ ▬▬ ▬▬▬▬▬▬ ▬▬▬ ▬▬▬▬ ▬▬▬▬ ▬▬ ▬▬▬▬▬ ▬▬▬ ▬▬▬▬ ▬▬▬▬▬▬ ▬▬ ▬▬▬ ▬▬▬▬ ▬▬▬▬▬ ▬▬▬ ▬▬ ▬▬▬▬▬▬ ▬▬▬ ▬▬▬▬
C. P. R. MASTER MECHANIC.
He Is Making a General Inspection of the Lines of the Company.
▬▬▬ ▬▬▬▬ ▬▬ ▬▬▬▬▬ ▬▬▬ ▬▬▬▬ ▬▬▬▬▬▬ ▬▬ ▬▬▬ ▬▬▬▬ ▬▬▬▬▬ ▬▬▬ ▬▬ ▬▬▬▬▬▬ ▬▬▬ ▬▬▬▬ ▬▬▬ ▬▬▬▬▬ ▬▬▬▬ ▬▬ ▬▬▬▬▬▬ ▬▬▬ ▬▬▬▬ ▬▬▬▬ ▬▬ ▬▬▬▬▬ ▬▬▬ ▬▬▬▬ ▬▬▬▬▬▬ ▬▬ ▬▬▬ ▬▬▬▬ ▬▬▬▬▬ ▬▬▬ ▬▬ ▬▬▬▬▬▬ ▬▬▬ ▬▬▬▬ ▬▬▬ ▬▬▬▬▬ ▬▬▬▬ ▬▬ ▬▬▬▬▬▬ ▬▬▬ ▬▬▬▬ ▬▬▬▬ ▬▬ ▬▬▬▬▬ ▬▬▬ ▬▬▬▬ ▬▬▬▬▬▬ ▬▬ ▬▬▬ ▬▬▬▬ ▬▬▬▬▬ ▬▬▬ ▬▬ ▬▬▬▬▬▬ ▬▬▬ ▬▬▬▬ ▬▬▬ ▬▬▬▬▬ ▬▬▬▬ ▬▬ ▬▬▬▬▬▬ ▬▬▬ ▬▬▬▬ ▬▬▬▬ ▬▬ ▬▬▬▬▬ ▬▬▬ ▬▬▬▬ ▬▬▬▬▬▬ ▬▬ ▬▬▬ ▬▬▬▬ ▬▬▬▬▬ ▬▬▬ ▬▬ ▬▬▬▬▬▬ ▬▬▬ ▬▬▬▬
Canadian Pacific Nav. Co
(LIMITED.)
Time Table No. 32, taking effect Jan. 1st, 1898
VANCOUVER ROUTE.
▬▬▬ ▬▬▬▬ ▬▬ ▬▬▬▬▬ ▬▬▬ ▬▬▬▬ ▬▬▬▬▬▬ ▬▬ ▬▬▬ ▬▬▬▬ ▬▬▬▬▬ ▬▬▬ ▬▬ ▬▬▬▬▬▬ ▬▬▬ ▬▬▬▬ ▬▬▬ ▬▬▬▬▬ ▬▬▬▬ ▬▬ ▬▬▬▬▬▬ ▬▬▬ ▬▬▬▬
NEW WESTMINSTER ROUTE.
▬▬▬ ▬▬▬▬ ▬▬ ▬▬▬▬▬ ▬▬▬ ▬▬▬▬ ▬▬▬▬▬▬ ▬▬ ▬▬▬ ▬▬▬▬ ▬▬▬▬▬ ▬▬▬ ▬▬ ▬▬▬▬▬▬ ▬▬▬ ▬▬▬▬ ▬▬▬ ▬▬▬▬▬ ▬▬▬▬ ▬▬ ▬▬▬▬▬▬ ▬▬▬ ▬▬▬▬
NORTHERN ROUTE.
BARCLAY SOUND ROUTE.
KLONDIKE ROUTE
G. A. CARLETON, General Agent.
Spokane Falls & Northern
Nelson & Fort Sheppard R'y
RED MOUNTAIN RAILWAY
The Only Direct Route to Nelson Kaslo, Kootenay Lake and Slocan Points.
EFFECTIVE 12:01 A. M., JAN. 3.
▬▬▬ ▬▬▬▬ ▬▬ ▬▬▬▬▬ ▬▬▬ ▬▬▬▬ ▬▬▬▬▬▬ ▬▬ ▬▬▬ ▬▬▬▬ ▬▬▬▬▬ ▬▬▬ ▬▬ ▬▬▬▬▬▬ ▬▬▬ ▬▬▬▬ ▬▬▬ ▬▬▬▬▬ ▬▬▬▬ ▬▬ ▬▬▬▬▬▬ ▬▬▬ ▬▬▬▬ ▬▬▬▬ ▬▬ ▬▬▬▬▬ ▬▬▬ ▬▬▬▬ ▬▬▬▬▬▬ ▬▬ ▬▬▬ ▬▬▬▬ ▬▬▬▬▬ ▬▬▬ ▬▬ ▬▬▬▬▬▬ ▬▬▬ ▬▬▬▬
Atlantic S.S. Lines
FROM MONTREAL.
▬▬▬ ▬▬▬▬ ▬▬ ▬▬▬▬▬ ▬▬▬ ▬▬▬▬ ▬▬▬▬▬▬ ▬▬ ▬▬▬ ▬▬▬▬ ▬▬▬▬▬ ▬▬▬ ▬▬ ▬▬▬▬▬▬ ▬▬▬ ▬▬▬▬
FROM NEW YORK.
▬▬▬ ▬▬▬▬ ▬▬ ▬▬▬▬▬ ▬▬▬ ▬▬▬▬ ▬▬▬▬▬▬ ▬▬ ▬▬▬ ▬▬▬▬ ▬▬▬▬▬ ▬▬▬ ▬▬ ▬▬▬▬▬▬ ▬▬▬ ▬▬▬▬
FROM BOSTON.
A. B. MACKENZIE, City Ticket Agt., Rossland, B. C.
WM. STITT, Gen. S. S. Agent, Winnipeg
Kootenay Railway & Navigation Company
OPERATING
Kaslo & Slocan Railway-International Navigation & Trading Company.
▬▬▬ ▬▬▬▬ ▬▬ ▬▬▬▬▬ ▬▬▬ ▬▬▬▬ ▬▬▬▬▬▬ ▬▬ ▬▬▬ ▬▬▬▬ ▬▬▬▬▬ ▬▬▬ ▬▬ ▬▬▬▬▬▬ ▬▬▬ ▬▬▬▬
S. S. INTERNATIONAL
S. S. ALBERTA
ROBERT IRVING, Manager, Kaslo, B. C.
JOHN HARRIS & Co.
(Late of Harris, Kennedy & Co., Rossland, B. C.)
MINES AND STOCKS
113 Mill Street, SPOKANE, WASH.
P. O. BOX 724.
H. E. A. COURTNEY
Barrister, Solicitor Notary Public
Wallace Building, Rossland.
J. L. WHITNEY & Co.
Mining Brokers.
Mining Properties Bought and Sold.
47 Columbia Ave. ROSSLAND, B. C.
NORTHERN
PACIFIC
YELLOWSTONE PARK LINE
THE FAST LINE
TO ALL POINTS
2-TRAINS DAILY-2
The Dining Car Route Via Yellowstone Park
Safest and Best.
Solid Vestibule Trains Equipped with Pullman Palace Cars, Elegant Dining Cars, Modern Day Coaches, Tourist Sleeping Cars
▬▬▬ ▬▬▬▬ ▬▬ ▬▬▬▬▬ ▬▬▬ ▬▬▬▬ ▬▬▬▬▬▬ ▬▬ ▬▬▬ ▬▬▬▬ ▬▬▬▬▬ ▬▬▬ ▬▬ ▬▬▬▬▬▬ ▬▬▬ ▬▬▬▬ ▬▬▬ ▬▬▬▬▬ ▬▬▬▬ ▬▬ ▬▬▬▬▬▬ ▬▬▬ ▬▬▬▬ ▬▬▬▬ ▬▬ ▬▬▬▬▬ ▬▬▬ ▬▬▬▬ ▬▬▬▬▬▬ ▬▬ ▬▬▬ ▬▬▬▬ ▬▬▬▬▬ ▬▬▬ ▬▬ ▬▬▬▬▬▬ ▬▬▬ ▬▬▬▬
E. W. RUFF
J. W. HILL
A. D. CHARLTON,
O.R.&N.
THE ONLY LINE EAST VIA SALT LAKE AND DENVER.
SHORTEST AND QUICKEST ROUTE
▬▬▬ ▬▬▬▬ ▬▬ ▬▬▬▬▬ ▬▬▬ ▬▬▬▬ ▬▬▬▬▬▬ ▬▬ ▬▬▬ ▬▬▬▬ ▬▬▬▬▬ ▬▬▬ ▬▬ ▬▬▬▬▬▬ ▬▬▬ ▬▬▬▬ ▬▬▬ ▬▬▬▬▬ ▬▬▬▬ ▬▬ ▬▬▬▬▬▬ ▬▬▬ ▬▬▬▬ ▬▬▬▬ ▬▬ ▬▬▬▬▬ ▬▬▬ ▬▬▬▬ ▬▬▬▬▬▬ ▬▬ ▬▬▬ ▬▬▬▬ ▬▬▬▬▬ ▬▬▬ ▬▬ ▬▬▬▬▬▬ ▬▬▬ ▬▬▬▬ ▬▬▬ ▬▬▬▬▬ ▬▬▬▬ ▬▬ ▬▬▬▬▬▬ ▬▬▬ ▬▬▬▬ ▬▬▬▬ ▬▬ ▬▬▬▬▬ ▬▬▬ ▬▬▬▬ ▬▬▬▬▬▬ ▬▬ ▬▬▬ ▬▬▬▬ ▬▬▬▬▬ ▬▬▬ ▬▬ ▬▬▬▬▬▬ ▬▬▬ ▬▬▬▬
STEAMER LINES.
H. M. ADAMS, General Agent.
East	GREAT NORTHERN RAILWAY West
The Surveyors Chain Made it THE SHORTEST Transcontinental Route.
Through the GRANDEST SCENERY in America by Daylight.
H. A JACKSON,
F. I. WHITNEY,
A FEW INTERESTING FACTS...
▬▬▬ ▬▬▬▬ ▬▬ ▬▬▬▬▬ ▬▬▬ ▬▬▬▬ ▬▬▬▬▬▬ ▬▬ ▬▬▬ ▬▬▬▬ ▬▬▬▬▬ ▬▬▬ ▬▬ ▬▬▬▬▬▬ ▬▬▬ ▬▬▬▬ ▬▬▬ ▬▬▬▬▬ ▬▬▬▬ ▬▬ ▬▬▬▬▬▬ ▬▬▬ ▬▬▬▬ ▬▬▬▬ ▬▬ ▬▬▬▬▬ ▬▬▬ ▬▬▬▬ ▬▬▬▬▬▬ ▬▬ ▬▬▬ ▬▬▬▬ ▬▬▬▬▬ ▬▬▬ ▬▬ ▬▬▬▬▬▬ ▬▬▬ ▬▬▬▬
THE WISCONSIN CENTRAL LINES
JAS. A. CLOCK,
A MECCA FOR
Country Around Kerem... Peopled by Prospec...
ITS PROPERTIES
There are Many Ledges of Copp... One Fault is Too Wide a... Minerals—Agricultural and... bilities.
▬▬▬ ▬▬▬▬ ▬▬ ▬▬▬▬▬ ▬▬▬ ▬▬▬▬ ▬▬▬▬▬▬ ▬▬ ▬▬▬ ▬▬▬▬ ▬▬▬▬▬ ▬▬▬ ▬▬ ▬▬▬▬▬▬ ▬▬▬ ▬▬▬▬ ▬▬▬ ▬▬▬▬▬ ▬▬▬▬ ▬▬ ▬▬▬▬▬▬ ▬▬▬ ▬▬▬▬ ▬▬▬▬ ▬▬ ▬▬▬▬▬ ▬▬▬ ▬▬▬▬ ▬▬▬▬▬▬ ▬▬ ▬▬▬ ▬▬▬▬ ▬▬▬▬▬ ▬▬▬ ▬▬ ▬▬▬▬▬▬ ▬▬▬ ▬▬▬▬ ▬▬▬ ▬▬▬▬▬ ▬▬▬▬ ▬▬ ▬▬▬▬▬▬ ▬▬▬ ▬▬▬▬ ▬▬▬▬ ▬▬ ▬▬▬▬▬ ▬▬▬ ▬▬▬▬ ▬▬▬▬▬▬ ▬▬ ▬▬▬ ▬▬▬▬ ▬▬▬▬▬ ▬▬▬ ▬▬ ▬▬▬▬▬▬ ▬▬▬ ▬▬▬▬ ▬▬▬ ▬▬▬▬▬ ▬▬▬▬ ▬▬ ▬▬▬▬▬▬ ▬▬▬ ▬▬▬▬ ▬▬▬▬ ▬▬ ▬▬▬▬▬ ▬▬▬ ▬▬▬▬ ▬▬▬▬▬▬ ▬▬ ▬▬▬ ▬▬▬▬ ▬▬▬▬▬ ▬▬▬ ▬▬ ▬▬▬▬▬▬ ▬▬▬ ▬▬▬▬ ▬▬▬ ▬▬▬▬▬ ▬▬▬▬ ▬▬ ▬▬▬▬▬▬ ▬▬▬ ▬▬▬▬ ▬▬▬▬ ▬▬ ▬▬▬▬▬ ▬▬▬ ▬▬▬▬ ▬▬▬▬▬▬ ▬▬ ▬▬▬ ▬▬▬▬ ▬▬▬▬▬ ▬▬▬ ▬▬ ▬▬▬▬▬▬ ▬▬▬ ▬▬▬▬ ▬▬▬ ▬▬▬▬▬ ▬▬▬▬ ▬▬ ▬▬▬▬▬▬ ▬▬▬ ▬▬▬▬ ▬▬▬▬ ▬▬ ▬▬▬▬▬ ▬▬▬ ▬▬▬▬ ▬▬▬▬▬▬ ▬▬ ▬▬▬ ▬▬▬▬ ▬▬▬▬▬ ▬▬▬ ▬▬ ▬▬▬▬▬▬ ▬▬▬ ▬▬▬▬ ▬▬▬ ▬▬▬▬▬ ▬▬▬▬ ▬▬ ▬▬▬▬▬▬ ▬▬▬ ▬▬▬▬ ▬▬▬▬ ▬▬ ▬▬▬▬▬ ▬▬▬ ▬▬▬▬ ▬▬▬▬▬▬ ▬▬ ▬▬▬ ▬▬▬▬ ▬▬▬▬▬ ▬▬▬ ▬▬ ▬▬▬▬▬▬ ▬▬▬ ▬▬▬▬ ▬▬▬ ▬▬▬▬▬ ▬▬▬▬ ▬▬ ▬▬▬▬▬▬ ▬▬▬ ▬▬▬▬ ▬▬▬▬ ▬▬ ▬▬▬▬▬ ▬▬▬ ▬▬▬▬ ▬▬▬▬▬▬ ▬▬ ▬▬▬ ▬▬▬▬ ▬▬▬▬▬ ▬▬▬ ▬▬ ▬▬▬▬▬▬ ▬▬▬ ▬▬▬▬
